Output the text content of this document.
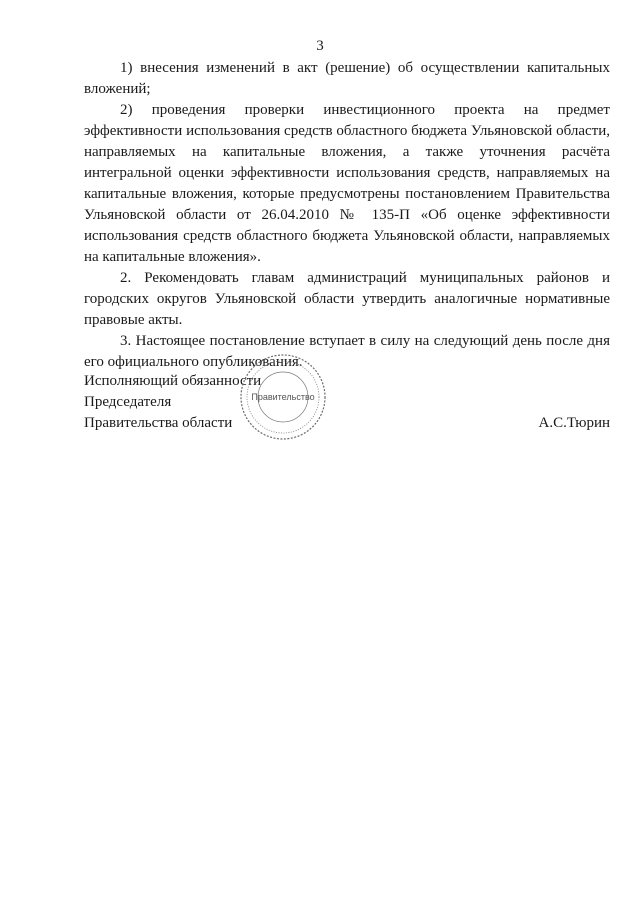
3

1) внесения изменений в акт (решение) об осуществлении капитальных вложений;

2) проведения проверки инвестиционного проекта на предмет эффективности использования средств областного бюджета Ульяновской области, направляемых на капитальные вложения, а также уточнения расчёта интегральной оценки эффективности использования средств, направляемых на капитальные вложения, которые предусмотрены постановлением Правительства Ульяновской области от 26.04.2010 № 135-П «Об оценке эффективности использования средств областного бюджета Ульяновской области, направляемых на капитальные вложения».

2. Рекомендовать главам администраций муниципальных районов и городских округов Ульяновской области утвердить аналогичные нормативные правовые акты.

3. Настоящее постановление вступает в силу на следующий день после дня его официального опубликования.

Исполняющий обязанности

Председателя

Правительства области	А.С.Тюрин
Правительство
